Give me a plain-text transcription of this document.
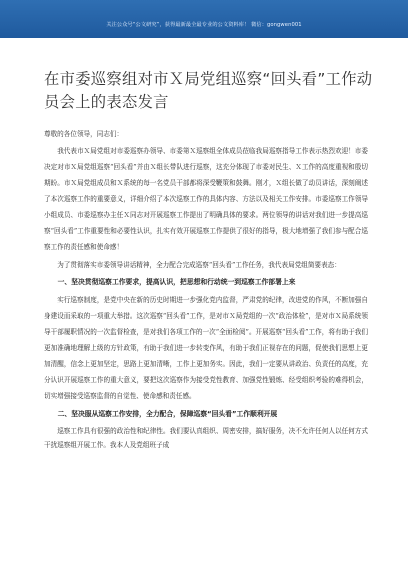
关注公众号“公文研究”，获得最新最全最专业的公文资料库！ 微信：gongwen001
在市委巡察组对市Ｘ局党组巡察“回头看”工作动员会上的表态发言
尊敬的各位领导，同志们：

我代表市Ｘ局党组对市委巡察办领导、市委第Ｘ巡察组全体成员莅临我局巡察指导工作表示热烈欢迎！市委决定对市Ｘ局党组巡察“回头看”并由Ｘ组长带队进行巡察，这充分体现了市委对民生、Ｘ工作的高度重视和殷切期盼。市Ｘ局党组成员和Ｘ系统的每一名党员干部都将深受鞭策和鼓舞。刚才，Ｘ组长做了动员讲话，深刻阐述了本次巡察工作的重要意义，详细介绍了本次巡察工作的具体内容、方法以及相关工作安排。市委巡察工作领导小组成员、市委巡察办主任Ｘ同志对开展巡察工作提出了明确具体的要求。两位领导的讲话对我们进一步提高巡察“回头看”工作重要性和必要性认识，扎实有效开展巡察工作提供了很好的指导，极大地增强了我们参与配合巡察工作的责任感和使命感！

为了贯彻落实市委领导讲话精神，全力配合完成巡察“回头看”工作任务，我代表局党组简要表态：

一、坚决贯彻巡察工作要求，提高认识，把思想和行动统一到巡察工作部署上来

实行巡察制度，是党中央在新的历史时期进一步强化党内监督，严肃党的纪律，改进党的作风，不断加强自身建设而采取的一项重大举措。这次巡察“回头看”工作，是对市Ｘ局党组的一次“政治体检”，是对市Ｘ局系统领导干部履职情况的一次监督检查，是对我们各项工作的一次“全面检阅”。开展巡察“回头看”工作，将有助于我们更加准确地理解上级的方针政策，有助于我们进一步转变作风，有助于我们正视存在的问题，促使我们思想上更加清醒，信念上更加坚定，思路上更加清晰，工作上更加务实。因此，我们一定要从讲政治、负责任的高度，充分认识开展巡察工作的重大意义，要把这次巡察作为接受党性教育、加强党性锻炼、经受组织考验的难得机会，切实增强接受巡察监督的自觉性、使命感和责任感。

二、坚决服从巡察工作安排，全力配合，保障巡察“回头看”工作顺利开展

巡察工作具有很强的政治性和纪律性。我们要认真组织、周密安排，搞好服务，决不允许任何人以任何方式干扰巡察组开展工作。我本人及党组班子成
